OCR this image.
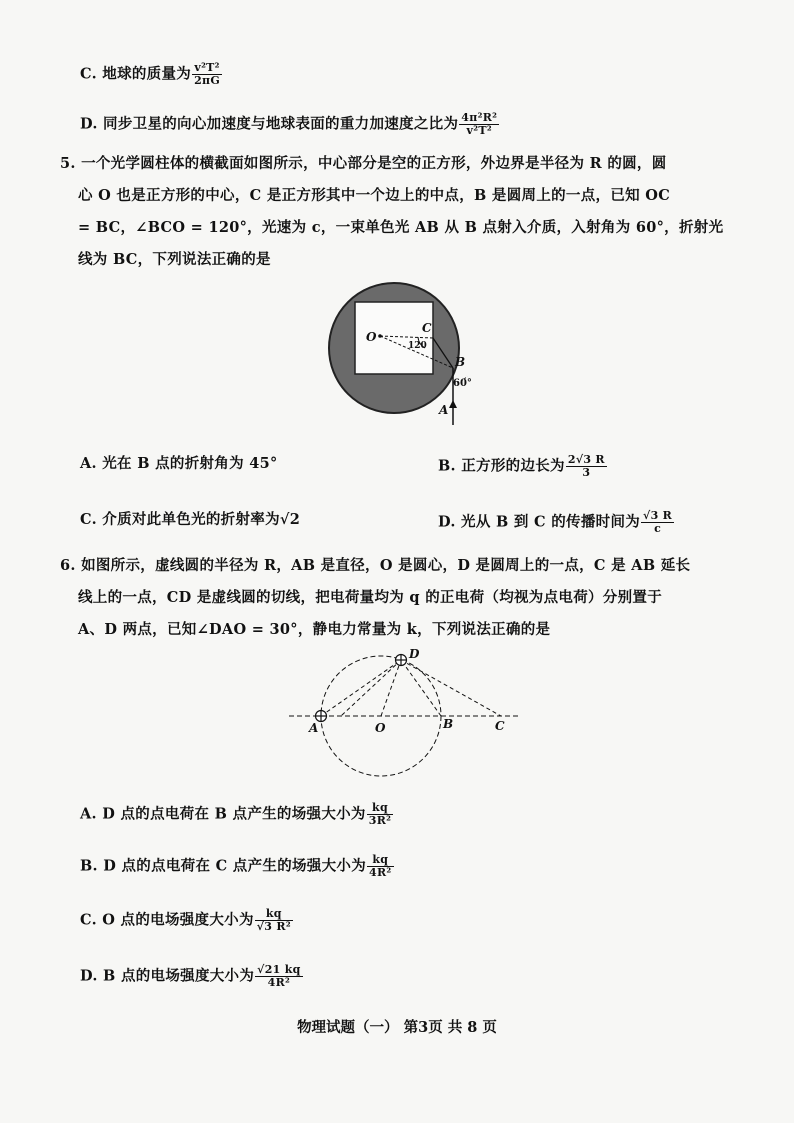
C. 地球的质量为 $\frac{\text{v²T²}}{2\pi G}$
D. 同步卫星的向心加速度与地球表面的重力加速度之比为 $\frac{\text{4π²R²}}{\text{v²T²}}$
5. 一个光学圆柱体的横截面如图所示，中心部分是空的正方形，外边界是半径为 R 的圆，圆
心 O 也是正方形的中心，C 是正方形其中一个边上的中点，B 是圆周上的一点，已知 OC
= BC，∠BCO = 120°，光速为 c，一束单色光 AB 从 B 点射入介质，入射角为 60°，折射光
线为 BC，下列说法正确的是
O
C
120
B
60°
A
A. 光在 B 点的折射角为 45°	B. 正方形的边长为 $\frac{2√3 R}{3}$
C. 介质对此单色光的折射率为√2	D. 光从 B 到 C 的传播时间为 $\frac{√3 R}{c}$
6. 如图所示，虚线圆的半径为 R，AB 是直径，O 是圆心，D 是圆周上的一点，C 是 AB 延长
线上的一点，CD 是虚线圆的切线，把电荷量均为 q 的正电荷（均视为点电荷）分别置于
A、D 两点，已知∠DAO = 30°，静电力常量为 k，下列说法正确的是
A	O	B	C
D
A. D 点的点电荷在 B 点产生的场强大小为 $\frac{kq}{\text{3R²}}$
B. D 点的点电荷在 C 点产生的场强大小为 $\frac{kq}{\text{4R²}}$
C. O 点的电场强度大小为 $\frac{kq}{\text{√3 R²}}$
D. B 点的电场强度大小为 $\frac{√21 kq}{\text{4R²}}$
物理试题（一） 第3页 共 8 页
